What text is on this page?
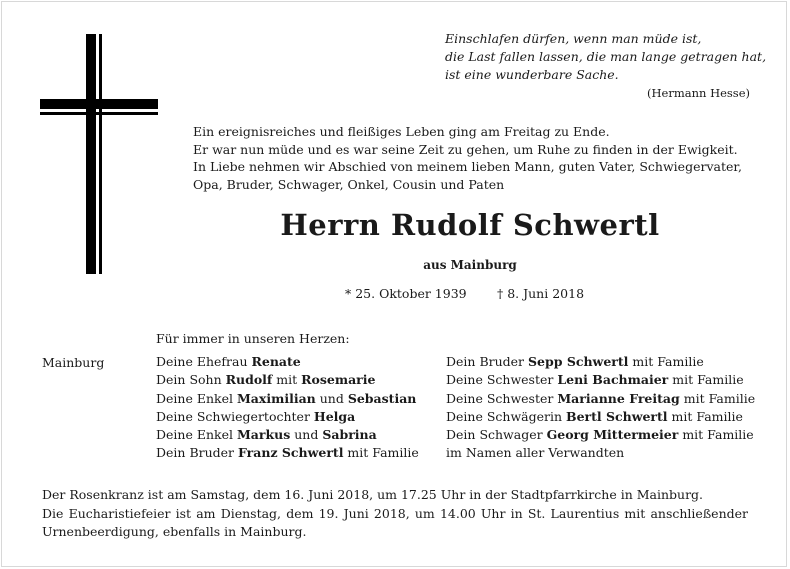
Einschlafen dürfen, wenn man müde ist,
die Last fallen lassen, die man lange getragen hat,
ist eine wunderbare Sache.
(Hermann Hesse)
Ein ereignisreiches und fleißiges Leben ging am Freitag zu Ende.
Er war nun müde und es war seine Zeit zu gehen, um Ruhe zu finden in der Ewigkeit.
In Liebe nehmen wir Abschied von meinem lieben Mann, guten Vater, Schwiegervater,
Opa, Bruder, Schwager, Onkel, Cousin und Paten
Herrn Rudolf Schwertl
aus Mainburg
* 25. Oktober 1939 † 8. Juni 2018
Für immer in unseren Herzen:
Mainburg	Deine Ehefrau Renate
Dein Sohn Rudolf mit Rosemarie
Deine Enkel Maximilian und Sebastian
Deine Schwiegertochter Helga
Deine Enkel Markus und Sabrina
Dein Bruder Franz Schwertl mit Familie
Dein Bruder Sepp Schwertl mit Familie
Deine Schwester Leni Bachmaier mit Familie
Deine Schwester Marianne Freitag mit Familie
Deine Schwägerin Bertl Schwertl mit Familie
Dein Schwager Georg Mittermeier mit Familie
im Namen aller Verwandten
Der Rosenkranz ist am Samstag, dem 16. Juni 2018, um 17.25 Uhr in der Stadtpfarrkirche in Mainburg.
Die Eucharistiefeier ist am Dienstag, dem 19. Juni 2018, um 14.00 Uhr in St. Laurentius mit anschließender
Urnenbeerdigung, ebenfalls in Mainburg.
